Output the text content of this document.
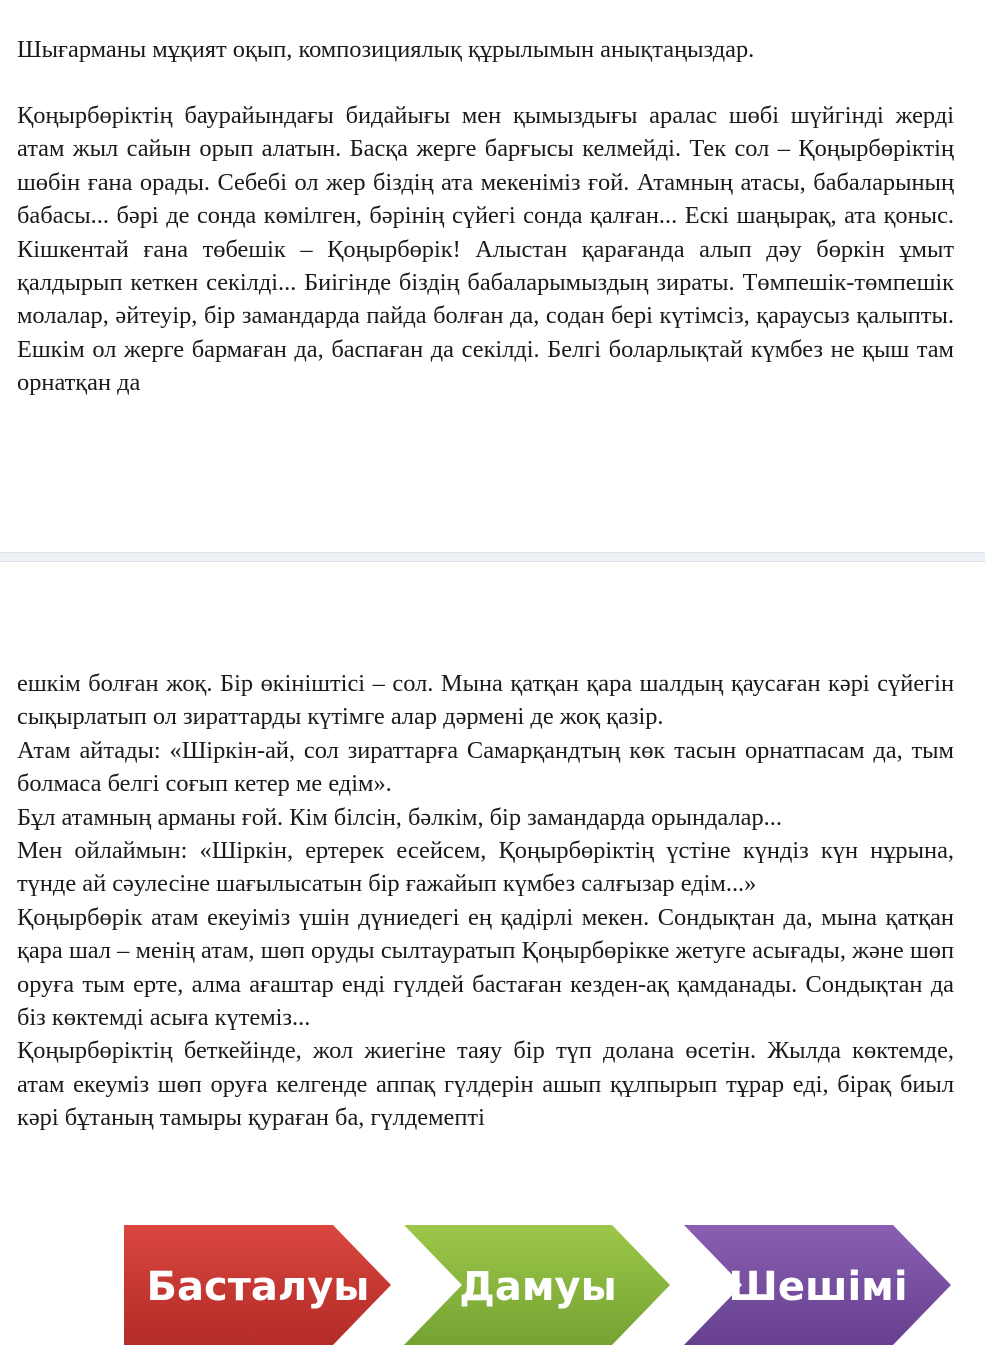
Шығарманы мұқият оқып, композициялық құрылымын анықтаңыздар.

Қоңырбөріктің баурайындағы бидайығы мен қымыздығы аралас шөбі шүйгінді жерді атам жыл сайын орып алатын. Басқа жерге барғысы келмейді. Тек сол – Қоңырбөріктің шөбін ғана орады. Себебі ол жер біздің ата мекеніміз ғой. Атамның атасы, бабаларының бабасы... бәрі де сонда көмілген, бәрінің сүйегі сонда қалған... Ескі шаңырақ, ата қоныс. Кішкентай ғана төбешік – Қоңырбөрік! Алыстан қарағанда алып дәу бөркін ұмыт қалдырып кеткен секілді... Биігінде біздің бабаларымыздың зираты. Төмпешік-төмпешік молалар, әйтеуір, бір замандарда пайда болған да, содан бері күтімсіз, қараусыз қалыпты. Ешкім ол жерге бармаған да, баспаған да секілді. Белгі боларлықтай күмбез не қыш там орнатқан да

ешкім болған жоқ. Бір өкініштісі – сол. Мына қатқан қара шалдың қаусаған кәрі сүйегін сықырлатып ол зираттарды күтімге алар дәрмені де жоқ қазір.

Атам айтады: «Шіркін-ай, сол зираттарға Самарқандтың көк тасын орнатпасам да, тым болмаса белгі соғып кетер ме едім».

Бұл атамның арманы ғой. Кім білсін, бәлкім, бір замандарда орындалар...

Мен ойлаймын: «Шіркін, ертерек есейсем, Қоңырбөріктің үстіне күндіз күн нұрына, түнде ай сәулесіне шағылысатын бір ғажайып күмбез салғызар едім...»

Қоңырбөрік атам екеуіміз үшін дүниедегі ең қадірлі мекен. Сондықтан да, мына қатқан қара шал – менің атам, шөп оруды сылтауратып Қоңырбөрікке жетуге асығады, және шөп оруға тым ерте, алма ағаштар енді гүлдей бастаған кезден-ақ қамданады. Сондықтан да біз көктемді асыға күтеміз...

Қоңырбөріктің беткейінде, жол жиегіне таяу бір түп долана өсетін. Жылда көктемде, атам екеуміз шөп оруға келгенде аппақ гүлдерін ашып құлпырып тұрар еді, бірақ биыл кәрі бұтаның тамыры қураған ба, гүлдемепті

Басталуы Дамуы	Шешімі
